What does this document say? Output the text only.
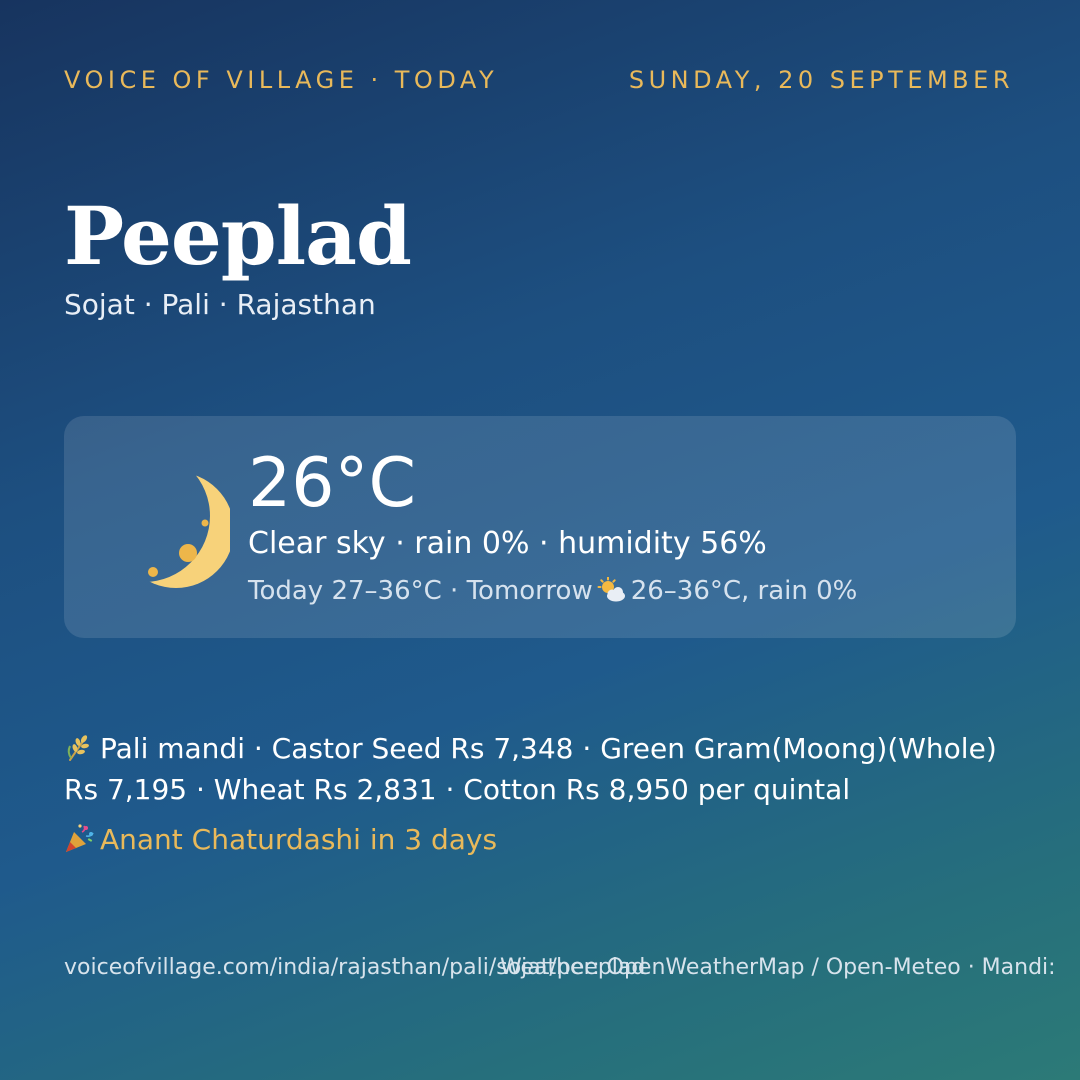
VOICE OF VILLAGE · TODAY	SUNDAY, 20 SEPTEMBER
Peeplad
Sojat · Pali · Rajasthan
26°C
Clear sky · rain 0% · humidity 56%
Today 27–36°C · Tomorrow 26–36°C, rain 0%
Pali mandi · Castor Seed Rs 7,348 · Green Gram(Moong)(Whole) Rs 7,195 · Wheat Rs 2,831 · Cotton Rs 8,950 per quintal
Anant Chaturdashi in 3 days
voiceofvillage.com/india/rajasthan/pali/sojat/peeplad
Weather: OpenWeatherMap / Open-Meteo · Mandi:
